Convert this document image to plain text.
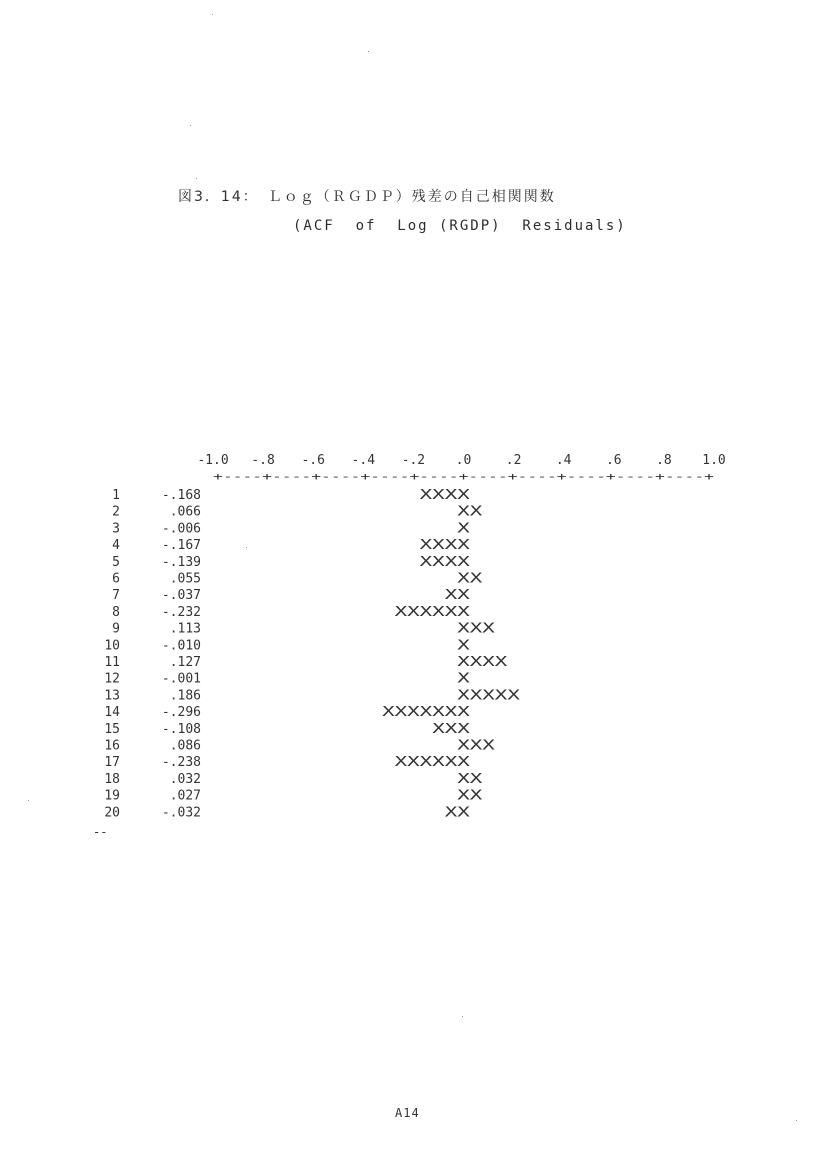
図3．14：　Ｌｏｇ（ＲＧＤＰ）残差の自己相関関数
(ACF  of  Log (RGDP)  Residuals)
-1.0 -.8 -.6 -.4 -.2 .0	.2	.4	.6	.8 1.0
+----+----+----+----+----+----+----+----+----+----+
1	-.168	XXXX
2	.066	XX
3	-.006	X
4	-.167	XXXX
5	-.139	XXXX
6	.055	XX
7	-.037	XX
8	-.232	XXXXXX
9	.113	XXX
10	-.010	X
11	.127	XXXX
12	-.001	X
13	.186	XXXXX
14	-.296	XXXXXXX
15	-.108	XXX
16	.086	XXX
17	-.238	XXXXXX
18	.032	XX
19	.027	XX
20	-.032	XX
--
A14
